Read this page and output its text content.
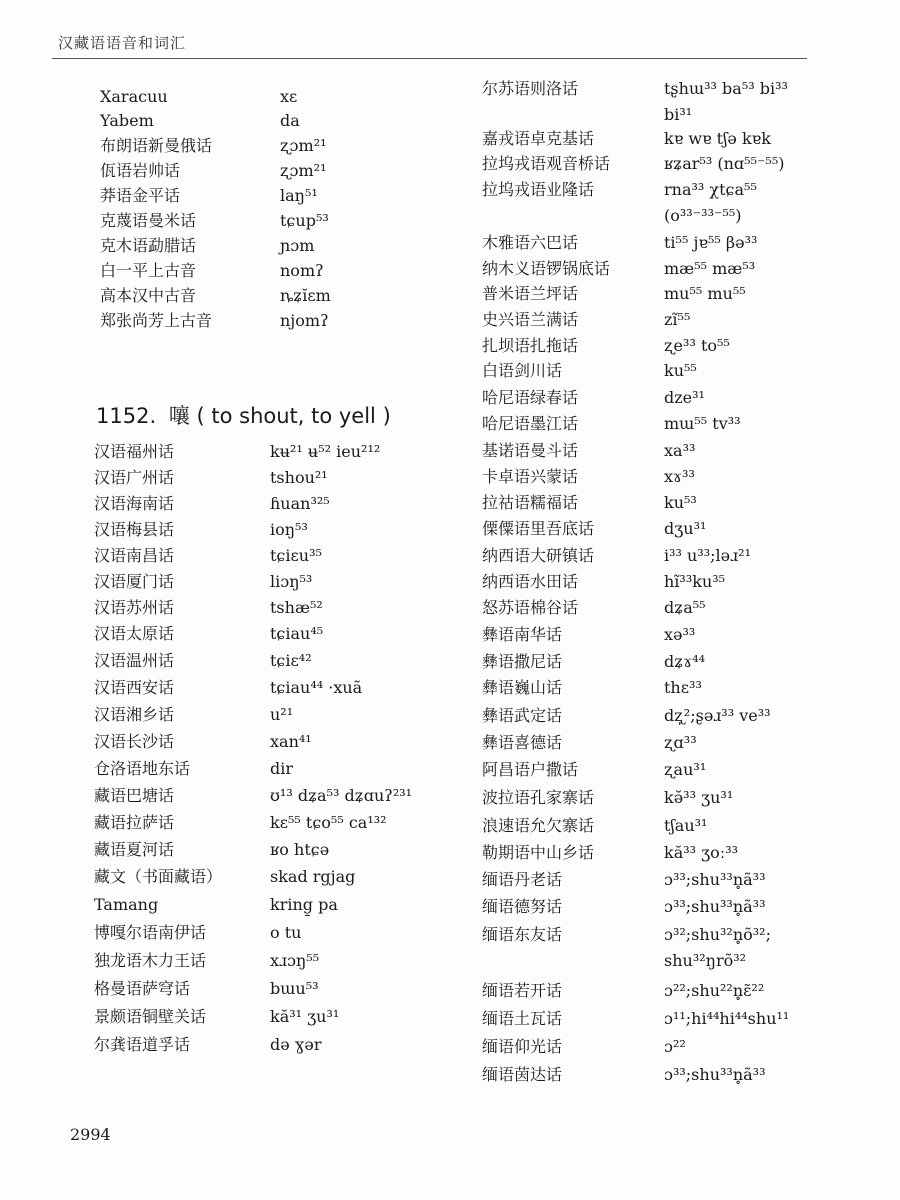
汉藏语语音和词汇
1152. 嚷 ( to shout, to yell )
Xaracuu	xɛ
Yabem	da
布朗语新曼俄话	ʐɔm²¹
佤语岩帅话	ʐɔm²¹
莽语金平话	laŋ⁵¹
克蔑语曼米话	tɕup⁵³
克木语勐腊话	ɲɔm
白一平上古音	nomʔ
高本汉中古音	ȵʑĭɛm
郑张尚芳上古音	njomʔ
汉语福州话	kʉ²¹ ʉ⁵² ieu²¹²
汉语广州话	tshou²¹
汉语海南话	ɦuan³²⁵
汉语梅县话	ioŋ⁵³
汉语南昌话	tɕiɛu³⁵
汉语厦门话	liɔŋ⁵³
汉语苏州话	tshæ⁵²
汉语太原话	tɕiau⁴⁵
汉语温州话	tɕiɛ⁴²
汉语西安话	tɕiau⁴⁴ ·xuã
汉语湘乡话	u²¹
汉语长沙话	xan⁴¹
仓洛语地东话	dir
藏语巴塘话	ʊ¹³ dʑa⁵³ dʑɑuʔ²³¹
藏语拉萨话	kɛ⁵⁵ tɕo⁵⁵ ca¹³²
藏语夏河话	ʁo htɕə
藏文（书面藏语）	skad rgjag
Tamang	kring̱ pa
博嘎尔语南伊话	o tu
独龙语木力王话	xɹɔŋ⁵⁵
格曼语萨穹话	bɯu⁵³
景颇语铜壁关话	kă³¹ ʒu³¹
尔龚语道孚话	də ɣər
尔苏语则洛话	tʂhɯ³³ ba⁵³ bi³³
bi³¹
嘉戎语卓克基话	kɐ wɐ tʃə kɐk
拉坞戎语观音桥话	ʁʑar⁵³ (nɑ⁵⁵⁻⁵⁵)
拉坞戎语业隆话	rna³³ χtɕa⁵⁵
(o³³⁻³³⁻⁵⁵)
木雅语六巴话	ti⁵⁵ jɐ⁵⁵ βə³³
纳木义语锣锅底话	mæ⁵⁵ mæ⁵³
普米语兰坪话	mu⁵⁵ mu⁵⁵
史兴语兰满话	zĩ⁵⁵
扎坝语扎拖话	ʐe³³ to⁵⁵
白语剑川话	ku⁵⁵
哈尼语绿春话	dze³¹
哈尼语墨江话	mɯ⁵⁵ tv³³
基诺语曼斗话	xa³³
卡卓语兴蒙话	xɤ³³
拉祜语糯福话	ku⁵³
傈僳语里吾底话	dʒu³¹
纳西语大研镇话	i³³ u³³;ləɹ²¹
纳西语水田话	hĩ³³ku³⁵
怒苏语棉谷话	dʑa⁵⁵
彝语南华话	xə³³
彝语撒尼话	dʑɤ⁴⁴
彝语巍山话	thɛ³³
彝语武定话	dʐ̩²;ʂəɹ³³ ve³³
彝语喜德话	ʐɑ³³
阿昌语户撒话	ʐau³¹
波拉语孔家寨话	kə̆³³ ʒu³¹
浪速语允欠寨话	tʃau³¹
勒期语中山乡话	kă³³ ʒoː³³
缅语丹老话	ɔ³³;shu³³n̥ã³³
缅语德努话	ɔ³³;shu³³n̥ã³³
缅语东友话	ɔ³²;shu³²n̥õ³²;
shu³²ŋrõ³²
缅语若开话	ɔ²²;shu²²n̥ɛ̃²²
缅语土瓦话	ɔ¹¹;hi⁴⁴hi⁴⁴shu¹¹
缅语仰光话	ɔ²²
缅语茵达话	ɔ³³;shu³³n̥ã³³
2994
